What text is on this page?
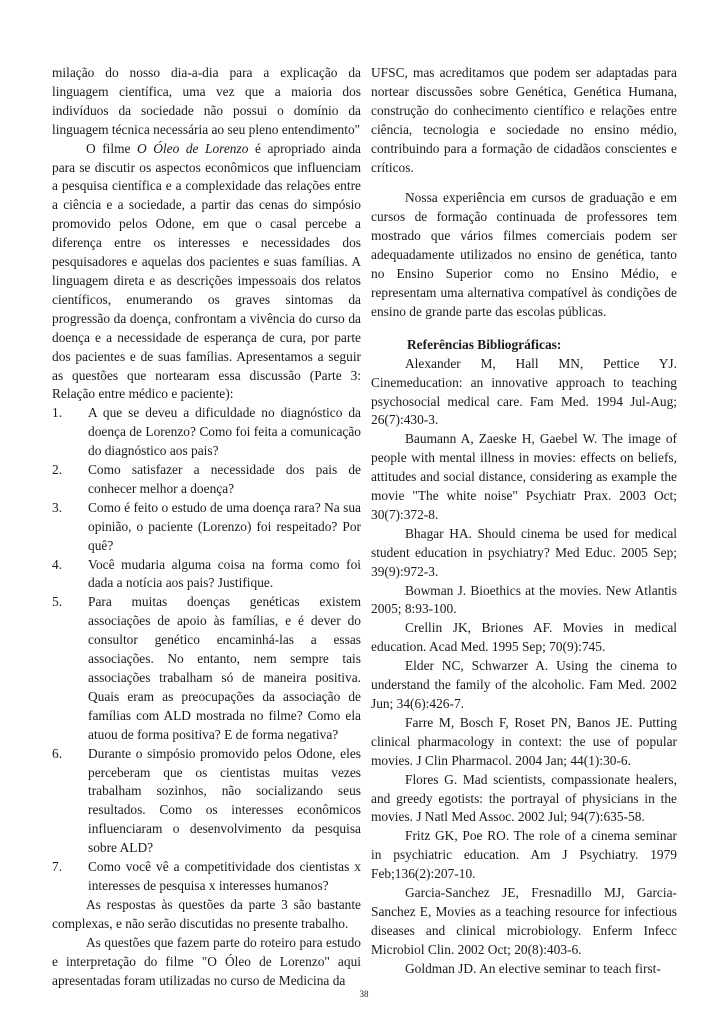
milação do nosso dia-a-dia para a explicação da linguagem científica, uma vez que a maioria dos indivíduos da sociedade não possui o domínio da linguagem técnica necessária ao seu pleno entendimento"

O filme O Óleo de Lorenzo é apropriado ainda para se discutir os aspectos econômicos que influenciam a pesquisa científica e a complexidade das relações entre a ciência e a sociedade, a partir das cenas do simpósio promovido pelos Odone, em que o casal percebe a diferença entre os interesses e necessidades dos pesquisadores e aquelas dos pacientes e suas famílias. A linguagem direta e as descrições impessoais dos relatos científicos, enumerando os graves sintomas da progressão da doença, confrontam a vivência do curso da doença e a necessidade de esperança de cura, por parte dos pacientes e de suas famílias. Apresentamos a seguir as questões que nortearam essa discussão (Parte 3: Relação entre médico e paciente):

1. A que se deveu a dificuldade no diagnóstico da doença de Lorenzo? Como foi feita a comunicação do diagnóstico aos pais?
2. Como satisfazer a necessidade dos pais de conhecer melhor a doença?
3. Como é feito o estudo de uma doença rara? Na sua opinião, o paciente (Lorenzo) foi respeitado? Por quê?
4. Você mudaria alguma coisa na forma como foi dada a notícia aos pais? Justifique.
5. Para muitas doenças genéticas existem associações de apoio às famílias, e é dever do consultor genético encaminhá-las a essas associações. No entanto, nem sempre tais associações trabalham só de maneira positiva. Quais eram as preocupações da associação de famílias com ALD mostrada no filme? Como ela atuou de forma positiva? E de forma negativa?
6. Durante o simpósio promovido pelos Odone, eles perceberam que os cientistas muitas vezes trabalham sozinhos, não socializando seus resultados. Como os interesses econômicos influenciaram o desenvolvimento da pesquisa sobre ALD?
7. Como você vê a competitividade dos cientistas x interesses de pesquisa x interesses humanos?

As respostas às questões da parte 3 são bastante complexas, e não serão discutidas no presente trabalho.

As questões que fazem parte do roteiro para estudo e interpretação do filme "O Óleo de Lorenzo" aqui apresentadas foram utilizadas no curso de Medicina da

UFSC, mas acreditamos que podem ser adaptadas para nortear discussões sobre Genética, Genética Humana, construção do conhecimento científico e relações entre ciência, tecnologia e sociedade no ensino médio, contribuindo para a formação de cidadãos conscientes e críticos.

Nossa experiência em cursos de graduação e em cursos de formação continuada de professores tem mostrado que vários filmes comerciais podem ser adequadamente utilizados no ensino de genética, tanto no Ensino Superior como no Ensino Médio, e representam uma alternativa compatível às condições de ensino de grande parte das escolas públicas.

Referências Bibliográficas:

Alexander M, Hall MN, Pettice YJ. Cinemeducation: an innovative approach to teaching psychosocial medical care. Fam Med. 1994 Jul-Aug; 26(7):430-3.

Baumann A, Zaeske H, Gaebel W. The image of people with mental illness in movies: effects on beliefs, attitudes and social distance, considering as example the movie "The white noise" Psychiatr Prax. 2003 Oct; 30(7):372-8.

Bhagar HA. Should cinema be used for medical student education in psychiatry? Med Educ. 2005 Sep; 39(9):972-3.

Bowman J. Bioethics at the movies. New Atlantis 2005; 8:93-100.

Crellin JK, Briones AF. Movies in medical education. Acad Med. 1995 Sep; 70(9):745.

Elder NC, Schwarzer A. Using the cinema to understand the family of the alcoholic. Fam Med. 2002 Jun; 34(6):426-7.

Farre M, Bosch F, Roset PN, Banos JE. Putting clinical pharmacology in context: the use of popular movies. J Clin Pharmacol. 2004 Jan; 44(1):30-6.

Flores G. Mad scientists, compassionate healers, and greedy egotists: the portrayal of physicians in the movies. J Natl Med Assoc. 2002 Jul; 94(7):635-58.

Fritz GK, Poe RO. The role of a cinema seminar in psychiatric education. Am J Psychiatry. 1979 Feb;136(2):207-10.

Garcia-Sanchez JE, Fresnadillo MJ, Garcia-Sanchez E, Movies as a teaching resource for infectious diseases and clinical microbiology. Enferm Infecc Microbiol Clin. 2002 Oct; 20(8):403-6.

Goldman JD. An elective seminar to teach first-

38
